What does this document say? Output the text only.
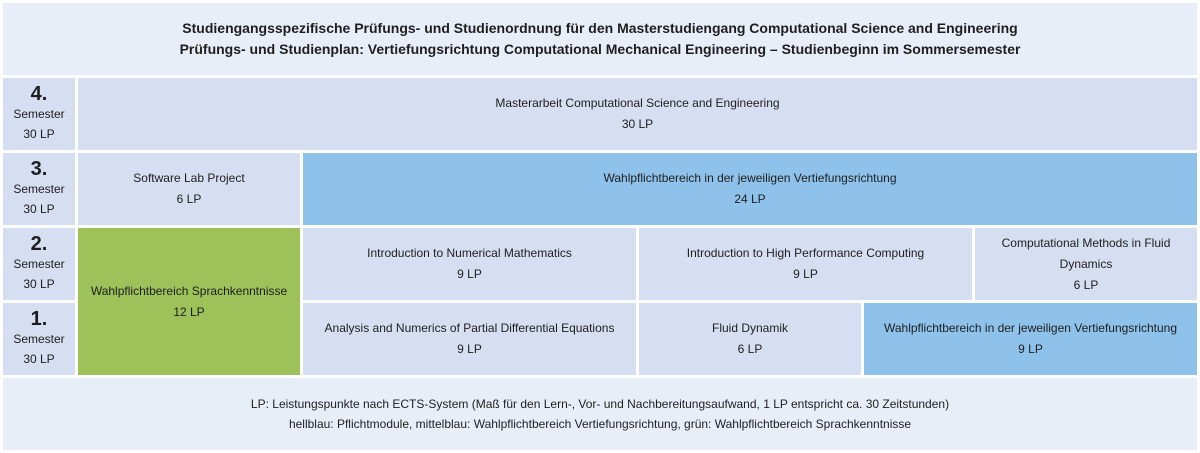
Studiengangsspezifische Prüfungs- und Studienordnung für den Masterstudiengang Computational Science and Engineering
Prüfungs- und Studienplan: Vertiefungsrichtung Computational Mechanical Engineering – Studienbeginn im Sommersemester
4.
Semester
30 LP
3.
Semester
30 LP
2.
Semester
30 LP
1.
Semester
30 LP
Masterarbeit Computational Science and Engineering
30 LP
Software Lab Project
6 LP
Wahlpflichtbereich in der jeweiligen Vertiefungsrichtung
24 LP
Wahlpflichtbereich Sprachkenntnisse
12 LP
Introduction to Numerical Mathematics
9 LP
Introduction to High Performance Computing
9 LP
Computational Methods in Fluid Dynamics
6 LP
Analysis and Numerics of Partial Differential Equations
9 LP
Fluid Dynamik
6 LP
Wahlpflichtbereich in der jeweiligen Vertiefungsrichtung
9 LP
LP: Leistungspunkte nach ECTS-System (Maß für den Lern-, Vor- und Nachbereitungsaufwand, 1 LP entspricht ca. 30 Zeitstunden)
hellblau: Pflichtmodule, mittelblau: Wahlpflichtbereich Vertiefungsrichtung, grün: Wahlpflichtbereich Sprachkenntnisse
